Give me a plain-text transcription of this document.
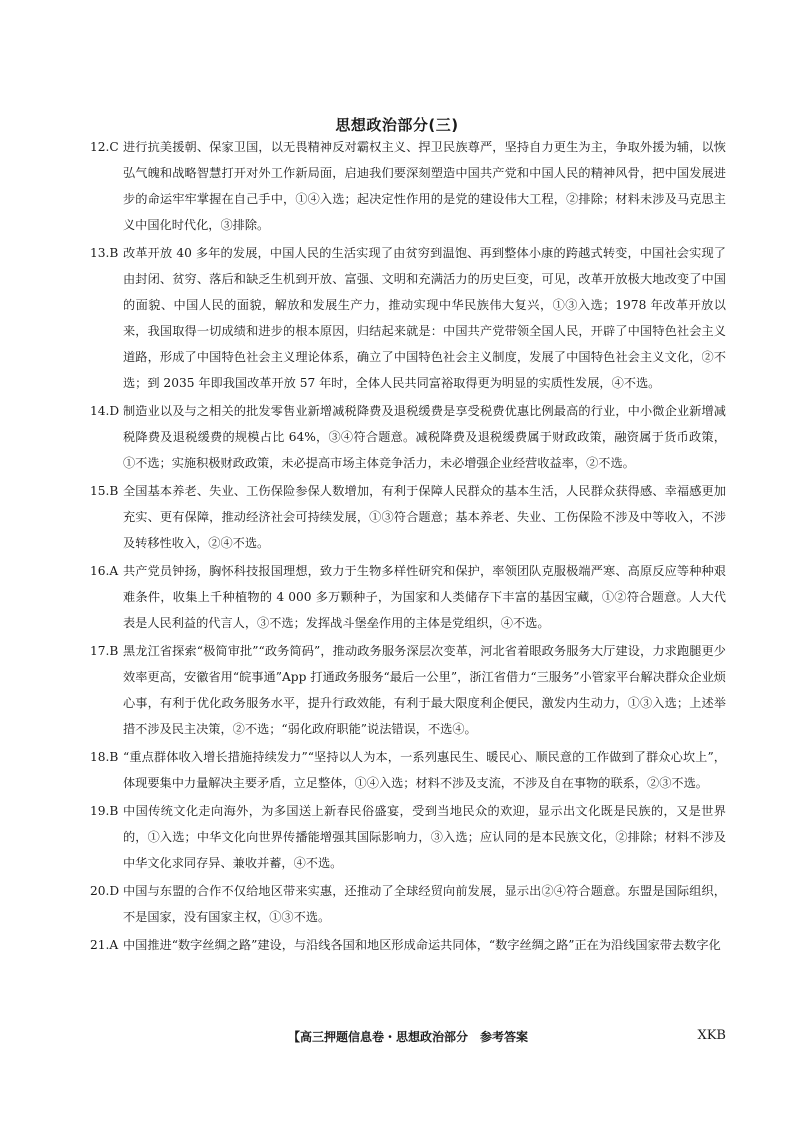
思想政治部分(三)
12.C 进行抗美援朝、保家卫国，以无畏精神反对霸权主义、捍卫民族尊严，坚持自力更生为主，争取外援为辅，以恢弘气魄和战略智慧打开对外工作新局面，启迪我们要深刻塑造中国共产党和中国人民的精神风骨，把中国发展进步的命运牢牢掌握在自己手中，①④入选；起决定性作用的是党的建设伟大工程，②排除；材料未涉及马克思主义中国化时代化，③排除。
13.B 改革开放 40 多年的发展，中国人民的生活实现了由贫穷到温饱、再到整体小康的跨越式转变，中国社会实现了由封闭、贫穷、落后和缺乏生机到开放、富强、文明和充满活力的历史巨变，可见，改革开放极大地改变了中国的面貌、中国人民的面貌，解放和发展生产力，推动实现中华民族伟大复兴，①③入选；1978 年改革开放以来，我国取得一切成绩和进步的根本原因，归结起来就是：中国共产党带领全国人民，开辟了中国特色社会主义道路，形成了中国特色社会主义理论体系，确立了中国特色社会主义制度，发展了中国特色社会主义文化，②不选；到 2035 年即我国改革开放 57 年时，全体人民共同富裕取得更为明显的实质性发展，④不选。
14.D 制造业以及与之相关的批发零售业新增减税降费及退税缓费是享受税费优惠比例最高的行业，中小微企业新增减税降费及退税缓费的规模占比 64%，③④符合题意。减税降费及退税缓费属于财政政策，融资属于货币政策，①不选；实施积极财政政策，未必提高市场主体竞争活力，未必增强企业经营收益率，②不选。
15.B 全国基本养老、失业、工伤保险参保人数增加，有利于保障人民群众的基本生活，人民群众获得感、幸福感更加充实、更有保障，推动经济社会可持续发展，①③符合题意；基本养老、失业、工伤保险不涉及中等收入，不涉及转移性收入，②④不选。
16.A 共产党员钟扬，胸怀科技报国理想，致力于生物多样性研究和保护，率领团队克服极端严寒、高原反应等种种艰难条件，收集上千种植物的 4 000 多万颗种子，为国家和人类储存下丰富的基因宝藏，①②符合题意。人大代表是人民利益的代言人，③不选；发挥战斗堡垒作用的主体是党组织，④不选。
17.B 黑龙江省探索“极简审批”“政务简码”，推动政务服务深层次变革，河北省着眼政务服务大厅建设，力求跑腿更少效率更高，安徽省用“皖事通”App 打通政务服务“最后一公里”，浙江省借力“三服务”小管家平台解决群众企业烦心事，有利于优化政务服务水平，提升行政效能，有利于最大限度利企便民，激发内生动力，①③入选；上述举措不涉及民主决策，②不选；“弱化政府职能”说法错误，不选④。
18.B “重点群体收入增长措施持续发力”“坚持以人为本，一系列惠民生、暖民心、顺民意的工作做到了群众心坎上”，体现要集中力量解决主要矛盾，立足整体，①④入选；材料不涉及支流，不涉及自在事物的联系，②③不选。
19.B 中国传统文化走向海外，为多国送上新春民俗盛宴，受到当地民众的欢迎，显示出文化既是民族的，又是世界的，①入选；中华文化向世界传播能增强其国际影响力，③入选；应认同的是本民族文化，②排除；材料不涉及中华文化求同存异、兼收并蓄，④不选。
20.D 中国与东盟的合作不仅给地区带来实惠，还推动了全球经贸向前发展，显示出②④符合题意。东盟是国际组织，不是国家，没有国家主权，①③不选。
21.A 中国推进“数字丝绸之路”建设，与沿线各国和地区形成命运共同体，“数字丝绸之路”正在为沿线国家带去数字化
【高三押题信息卷・思想政治部分　参考答案	XKB
